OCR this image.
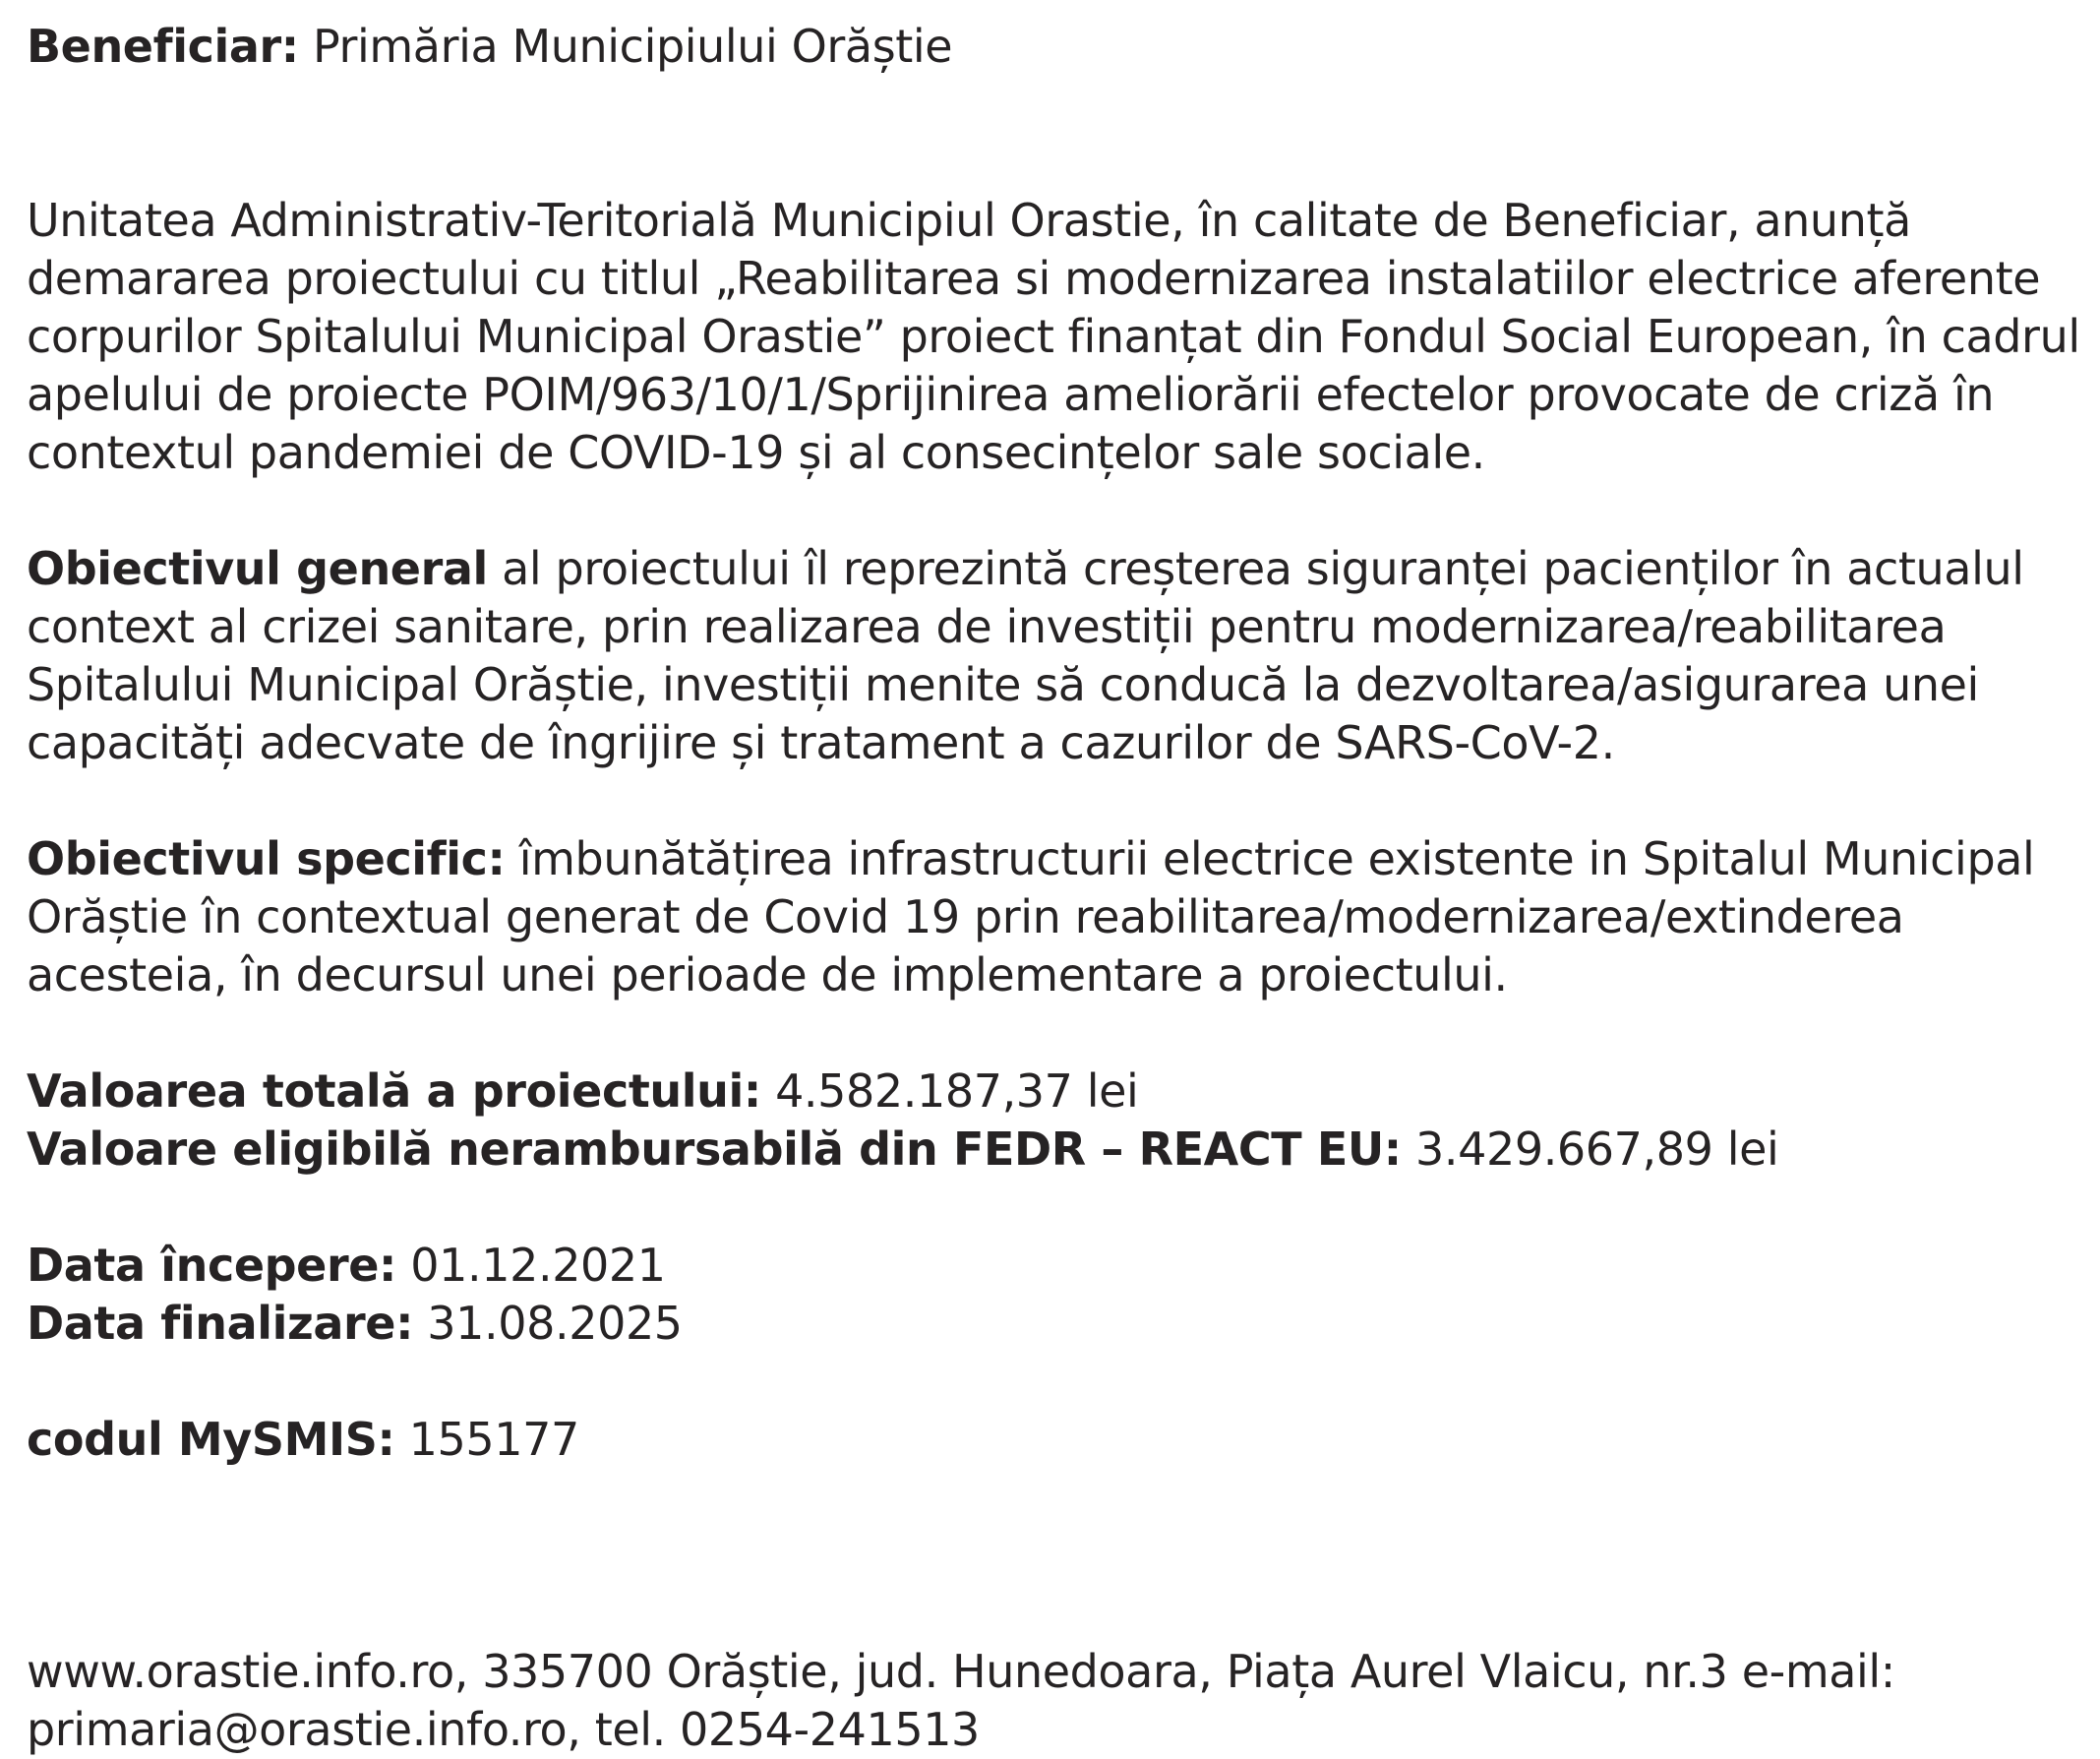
Beneficiar: Primăria Municipiului Orăștie

Unitatea Administrativ-Teritorială Municipiul Orastie, în calitate de Beneficiar, anunță demararea proiectului cu titlul „Reabilitarea si modernizarea instalatiilor electrice aferente corpurilor Spitalului Municipal Orastie” proiect finanțat din Fondul Social European, în cadrul apelului de proiecte POIM/963/10/1/Sprijinirea ameliorării efectelor provocate de criză în contextul pandemiei de COVID-19 și al consecințelor sale sociale.

Obiectivul general al proiectului îl reprezintă creșterea siguranței pacienților în actualul context al crizei sanitare, prin realizarea de investiții pentru modernizarea/reabilitarea Spitalului Municipal Orăștie, investiții menite să conducă la dezvoltarea/asigurarea unei capacități adecvate de îngrijire și tratament a cazurilor de SARS-CoV-2.

Obiectivul specific: îmbunătățirea infrastructurii electrice existente in Spitalul Municipal Orăștie în contextual generat de Covid 19 prin reabilitarea/modernizarea/extinderea acesteia, în decursul unei perioade de implementare a proiectului.

Valoarea totală a proiectului: 4.582.187,37 lei

Valoare eligibilă nerambursabilă din FEDR – REACT EU: 3.429.667,89 lei

Data începere: 01.12.2021

Data finalizare: 31.08.2025

codul MySMIS: 155177

www.orastie.info.ro, 335700 Orăștie, jud. Hunedoara, Piața Aurel Vlaicu, nr.3 e-mail:

primaria@orastie.info.ro, tel. 0254-241513
